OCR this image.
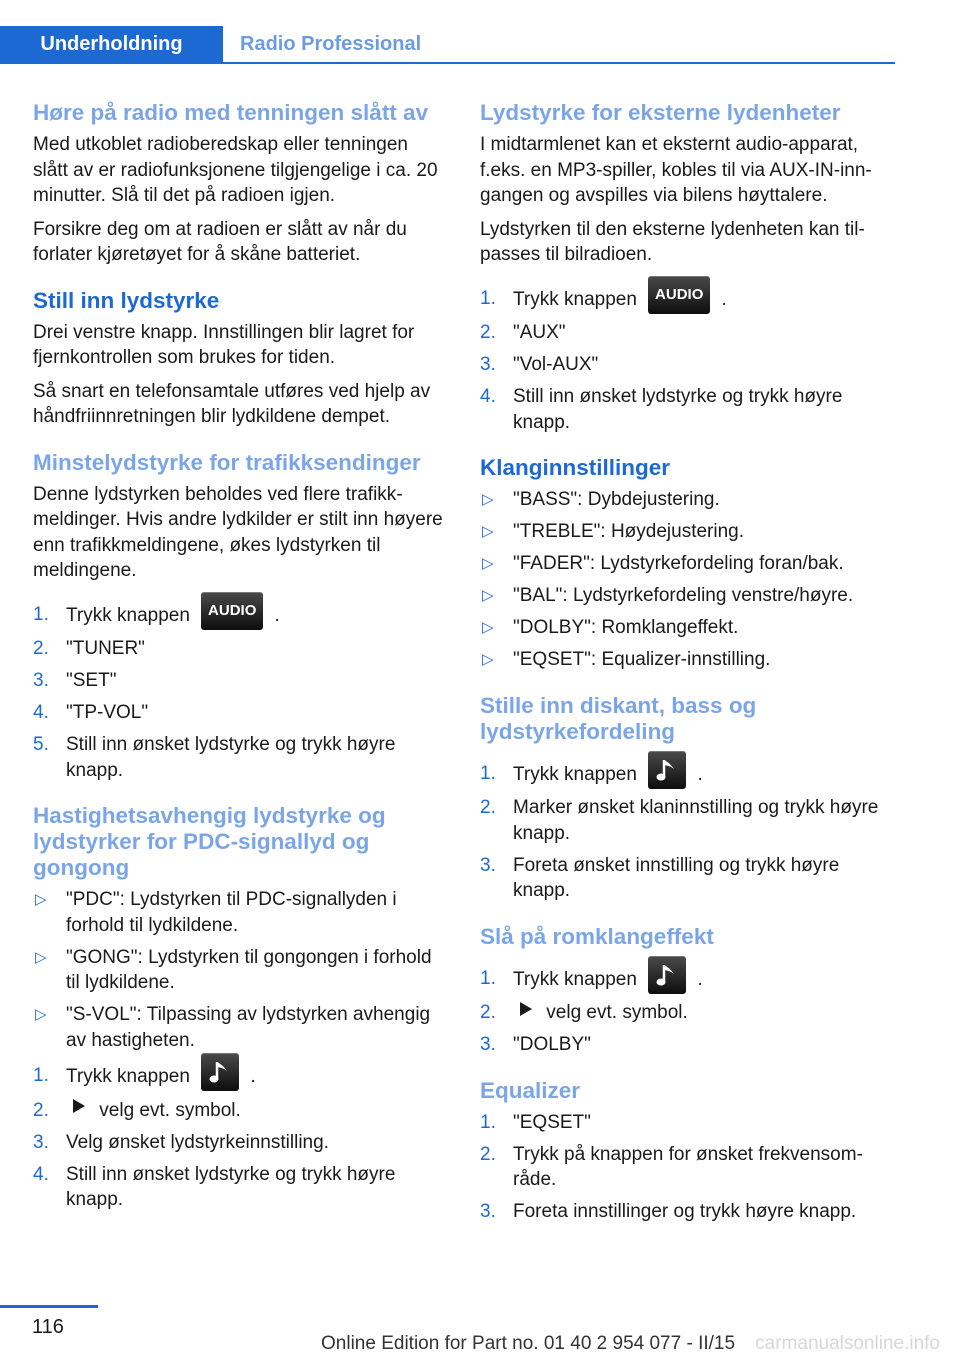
Underholdning	Radio Professional
Høre på radio med tenningen slått av

Med utkoblet radioberedskap eller tenningen slått av er radiofunksjonene tilgjengelige i ca. 20 minutter. Slå til det på radioen igjen.

Forsikre deg om at radioen er slått av når du forlater kjøretøyet for å skåne batteriet.

Still inn lydstyrke

Drei venstre knapp. Innstillingen blir lagret for fjernkontrollen som brukes for tiden.

Så snart en telefonsamtale utføres ved hjelp av håndfriinnretningen blir lydkildene dempet.

Minstelydstyrke for trafikksendinger

Denne lydstyrken beholdes ved flere trafikkmeldinger. Hvis andre lydkilder er stilt inn høyere enn trafikkmeldingene, økes lydstyrken til meldingene.

1. Trykk knappen AUDIO .
2. "TUNER"
3. "SET"
4. "TP-VOL"
5. Still inn ønsket lydstyrke og trykk høyre knapp.
Hastighetsavhengig lydstyrke og lydstyrker for PDC-signallyd og gongong
▷ "PDC": Lydstyrken til PDC-signallyden i forhold til lydkildene.
▷ "GONG": Lydstyrken til gongongen i forhold til lydkildene.
▷ "S-VOL": Tilpassing av lydstyrken avhengig av hastigheten.
1. Trykk knappen	.
2.	velg evt. symbol.
3. Velg ønsket lydstyrkeinnstilling.
4. Still inn ønsket lydstyrke og trykk høyre knapp.
Lydstyrke for eksterne lydenheter

I midtarmlenet kan et eksternt audio-apparat, f.eks. en MP3-spiller, kobles til via AUX-IN-inngangen og avspilles via bilens høyttalere.

Lydstyrken til den eksterne lydenheten kan tilpasses til bilradioen.

1. Trykk knappen AUDIO .
2. "AUX"
3. "Vol-AUX"
4. Still inn ønsket lydstyrke og trykk høyre knapp.
Klanginnstillinger
▷ "BASS": Dybdejustering.
▷ "TREBLE": Høydejustering.
▷ "FADER": Lydstyrkefordeling foran/bak.
▷ "BAL": Lydstyrkefordeling venstre/høyre.
▷ "DOLBY": Romklangeffekt.
▷ "EQSET": Equalizer-innstilling.
Stille inn diskant, bass og lydstyrkefordeling
1. Trykk knappen	.
2. Marker ønsket klaninnstilling og trykk høyre knapp.
3. Foreta ønsket innstilling og trykk høyre knapp.
Slå på romklangeffekt
1. Trykk knappen	.
2.	velg evt. symbol.
3. "DOLBY"
Equalizer
1. "EQSET"
2. Trykk på knappen for ønsket frekvensområde.
3. Foreta innstillinger og trykk høyre knapp.
116
Online Edition for Part no. 01 40 2 954 077 - II/15 carmanualsonline.info
